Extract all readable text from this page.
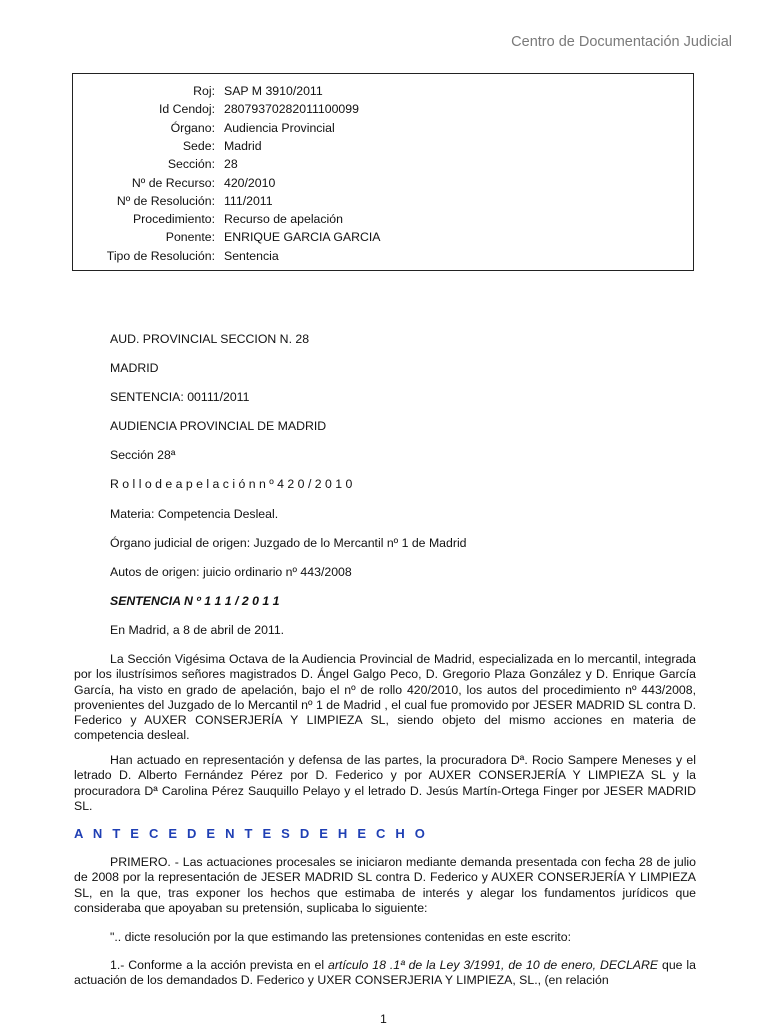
Centro de Documentación Judicial
Roj: SAP M 3910/2011
Id Cendoj: 28079370282011100099
Órgano: Audiencia Provincial
Sede: Madrid
Sección: 28
Nº de Recurso: 420/2010
Nº de Resolución: 111/2011
Procedimiento: Recurso de apelación
Ponente: ENRIQUE GARCIA GARCIA
Tipo de Resolución: Sentencia
AUD. PROVINCIAL SECCION N. 28
MADRID
SENTENCIA: 00111/2011
AUDIENCIA PROVINCIAL DE MADRID
Sección 28ª
R o l l o d e a p e l a c i ó n n º 4 2 0 / 2 0 1 0
Materia: Competencia Desleal.
Órgano judicial de origen: Juzgado de lo Mercantil nº 1 de Madrid
Autos de origen: juicio ordinario nº 443/2008
SENTENCIA N º 1 1 1 / 2 0 1 1
En Madrid, a 8 de abril de 2011.
La Sección Vigésima Octava de la Audiencia Provincial de Madrid, especializada en lo mercantil, integrada por los ilustrísimos señores magistrados D. Ángel Galgo Peco, D. Gregorio Plaza González y D. Enrique García García, ha visto en grado de apelación, bajo el nº de rollo 420/2010, los autos del procedimiento nº 443/2008, provenientes del Juzgado de lo Mercantil nº 1 de Madrid , el cual fue promovido por JESER MADRID SL contra D. Federico y AUXER CONSERJERÍA Y LIMPIEZA SL, siendo objeto del mismo acciones en materia de competencia desleal.
Han actuado en representación y defensa de las partes, la procuradora Dª. Rocio Sampere Meneses y el letrado D. Alberto Fernández Pérez por D. Federico y por AUXER CONSERJERÍA Y LIMPIEZA SL y la procuradora Dª Carolina Pérez Sauquillo Pelayo y el letrado D. Jesús Martín-Ortega Finger por JESER MADRID SL.
A N T E C E D E N T E S D E H E C H O
PRIMERO. - Las actuaciones procesales se iniciaron mediante demanda presentada con fecha 28 de julio de 2008 por la representación de JESER MADRID SL contra D. Federico y AUXER CONSERJERÍA Y LIMPIEZA SL, en la que, tras exponer los hechos que estimaba de interés y alegar los fundamentos jurídicos que consideraba que apoyaban su pretensión, suplicaba lo siguiente:
".. dicte resolución por la que estimando las pretensiones contenidas en este escrito:
1.- Conforme a la acción prevista en el artículo 18 .1ª de la Ley 3/1991, de 10 de enero, DECLARE que la actuación de los demandados D. Federico y UXER CONSERJERIA Y LIMPIEZA, SL., (en relación
1
